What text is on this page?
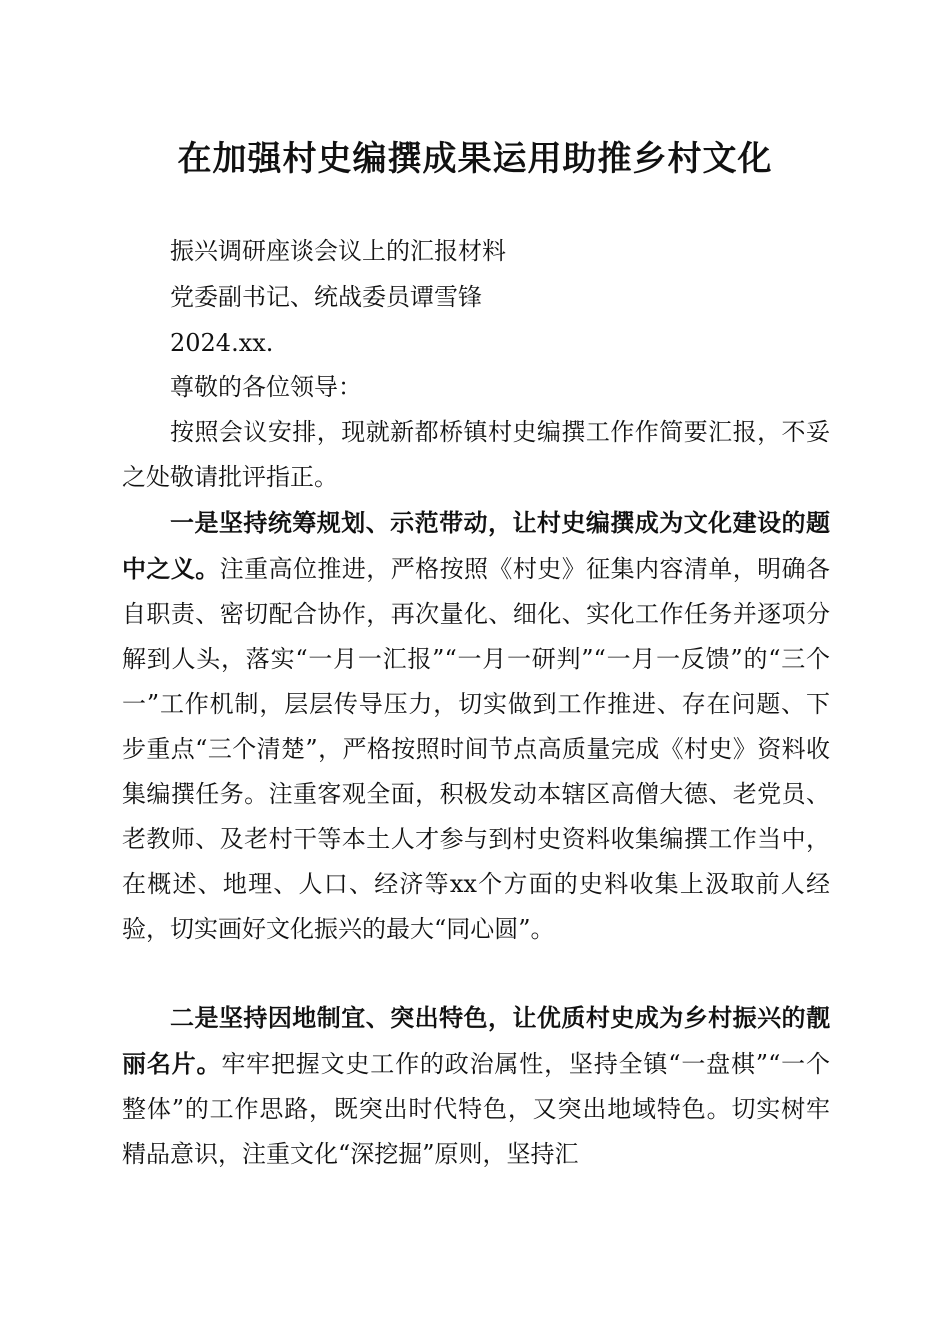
在加强村史编撰成果运用助推乡村文化

振兴调研座谈会议上的汇报材料

党委副书记、统战委员谭雪锋

2024.xx.

尊敬的各位领导：

按照会议安排，现就新都桥镇村史编撰工作作简要汇报，不妥之处敬请批评指正。

一是坚持统筹规划、示范带动，让村史编撰成为文化建设的题中之义。注重高位推进，严格按照《村史》征集内容清单，明确各自职责、密切配合协作，再次量化、细化、实化工作任务并逐项分解到人头，落实“一月一汇报”“一月一研判”“一月一反馈”的“三个一”工作机制，层层传导压力，切实做到工作推进、存在问题、下步重点“三个清楚”，严格按照时间节点高质量完成《村史》资料收集编撰任务。注重客观全面，积极发动本辖区高僧大德、老党员、老教师、及老村干等本土人才参与到村史资料收集编撰工作当中，在概述、地理、人口、经济等xx个方面的史料收集上汲取前人经验，切实画好文化振兴的最大“同心圆”。

二是坚持因地制宜、突出特色，让优质村史成为乡村振兴的靓丽名片。牢牢把握文史工作的政治属性，坚持全镇“一盘棋”“一个整体”的工作思路，既突出时代特色，又突出地域特色。切实树牢精品意识，注重文化“深挖掘”原则，坚持汇
